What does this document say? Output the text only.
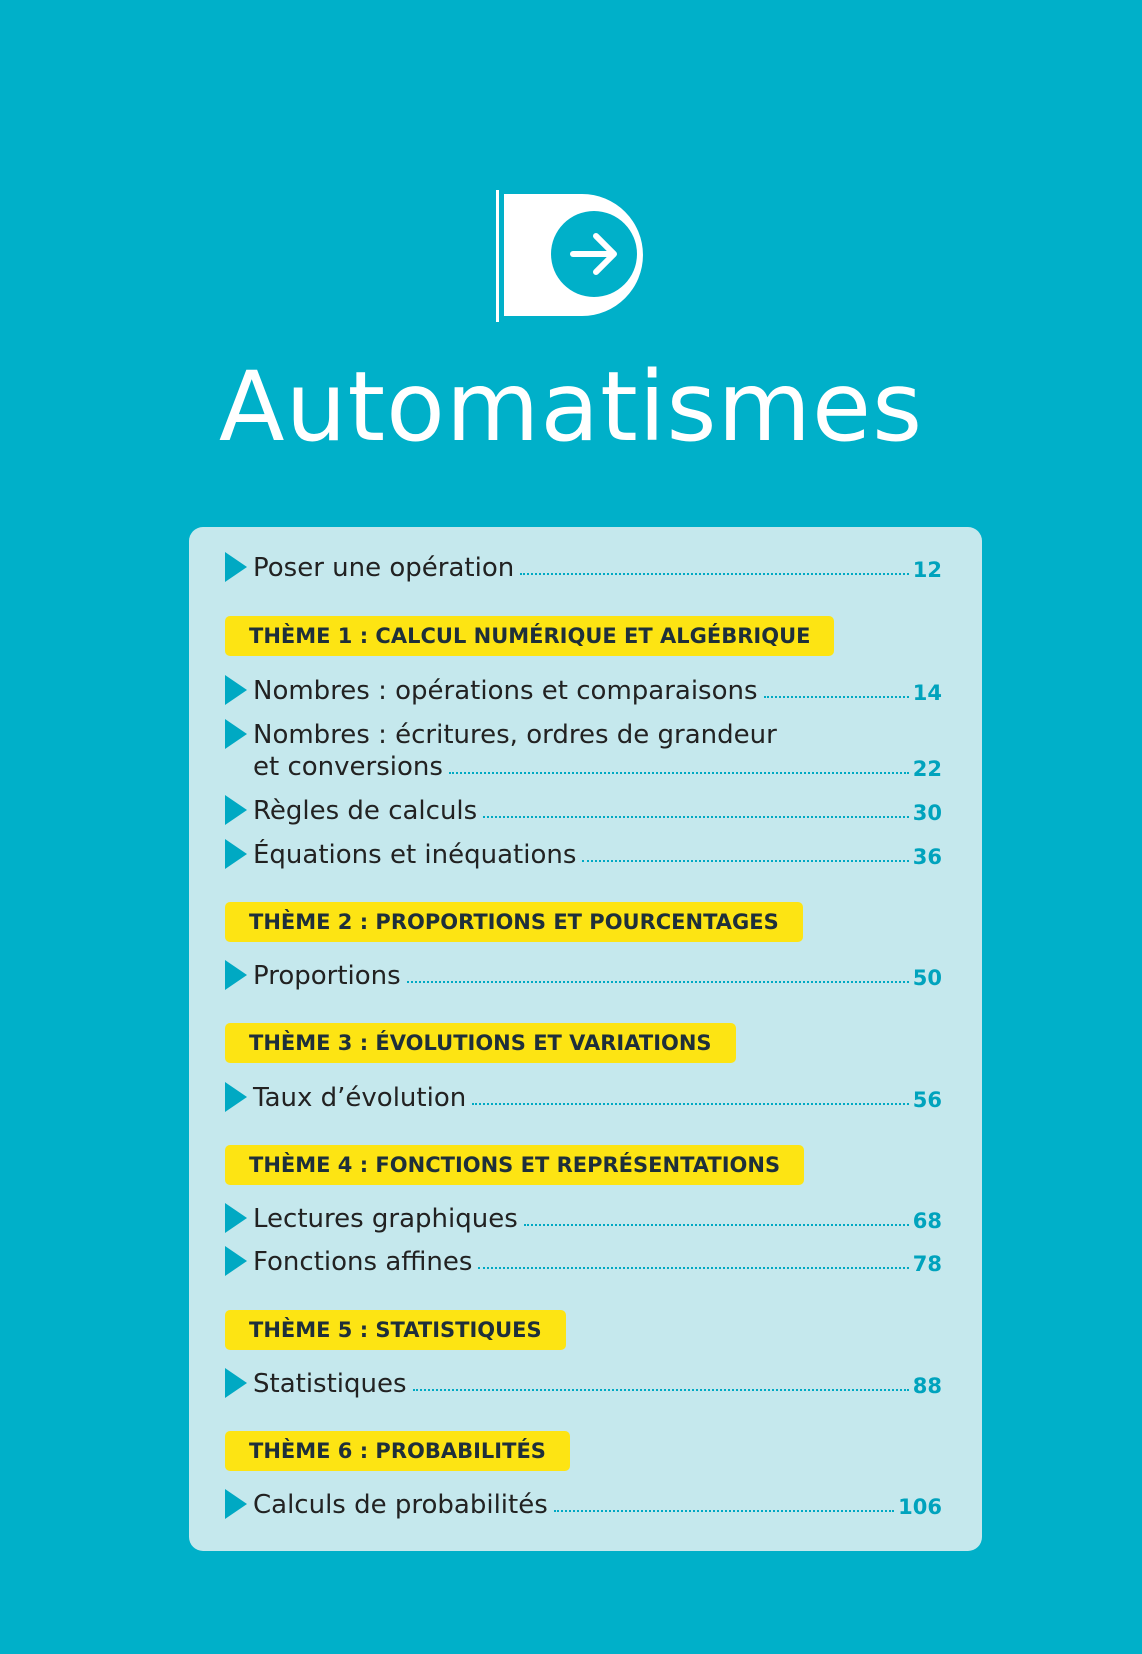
Automatismes
Poser une opération	12
THÈME 1 : CALCUL NUMÉRIQUE ET ALGÉBRIQUE
Nombres : opérations et comparaisons	14
Nombres : écritures, ordres de grandeur
et conversions	22
Règles de calculs	30
Équations et inéquations	36
THÈME 2 : PROPORTIONS ET POURCENTAGES
Proportions	50
THÈME 3 : ÉVOLUTIONS ET VARIATIONS
Taux d’évolution	56
THÈME 4 : FONCTIONS ET REPRÉSENTATIONS
Lectures graphiques	68
Fonctions affines	78
THÈME 5 : STATISTIQUES
Statistiques	88
THÈME 6 : PROBABILITÉS
Calculs de probabilités	106
